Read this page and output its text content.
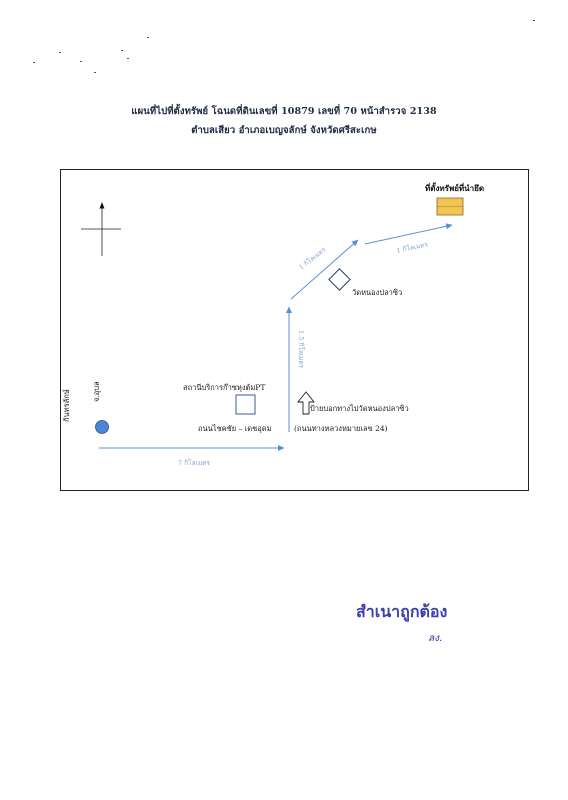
แผนที่ไปที่ตั้งทรัพย์ โฉนดที่ดินเลขที่ 10879 เลขที่ 70 หน้าสำรวจ 2138
ตำบลเสียว อำเภอเบญจลักษ์ จังหวัดศรีสะเกษ
ที่ตั้งทรัพย์ที่นำยึด
วัดหนองปลาซิว
สถานีบริการก๊าซหุงต้มPT
ป้ายบอกทางไปวัดหนองปลาซิว
ถนนไชคชัย – เดชอุดม	(ถนนทางหลวงหมายเลข 24)
กันทรลักษ์	จ.อุบล
7 กิโลเมตร
1.5 กิโลเมตร
1 กิโลเมตร	1 กิโลเมตร
สำเนาถูกต้อง
ลง.
